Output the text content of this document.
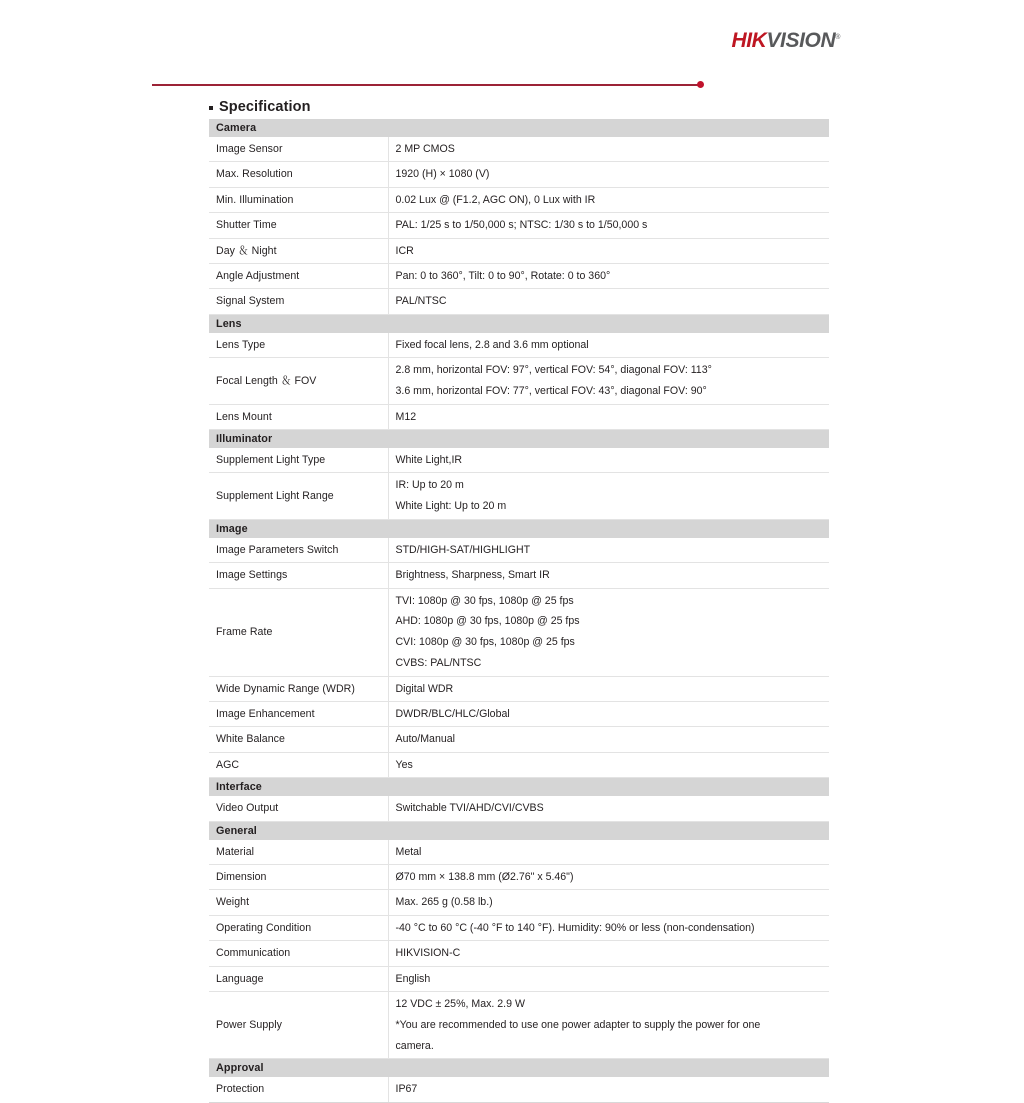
HIKVISION®
Specification
Camera	
Image Sensor	2 MP CMOS

Max. Resolution	1920 (H) × 1080 (V)

Min. Illumination	0.02 Lux @ (F1.2, AGC ON), 0 Lux with IR

Shutter Time	PAL: 1/25 s to 1/50,000 s; NTSC: 1/30 s to 1/50,000 s

Day ＆ Night	ICR

Angle Adjustment	Pan: 0 to 360°, Tilt: 0 to 90°, Rotate: 0 to 360°

Signal System	PAL/NTSC

Lens	
Lens Type	Fixed focal lens, 2.8 and 3.6 mm optional

Focal Length ＆ FOV	2.8 mm, horizontal FOV: 97°, vertical FOV: 54°, diagonal FOV: 113°
3.6 mm, horizontal FOV: 77°, vertical FOV: 43°, diagonal FOV: 90°

Lens Mount	M12

Illuminator	
Supplement Light Type	White Light,IR

Supplement Light Range	IR: Up to 20 m
White Light: Up to 20 m

Image	
Image Parameters Switch	STD/HIGH-SAT/HIGHLIGHT

Image Settings	Brightness, Sharpness, Smart IR

Frame Rate	TVI: 1080p @ 30 fps, 1080p @ 25 fps
AHD: 1080p @ 30 fps, 1080p @ 25 fps
CVI: 1080p @ 30 fps, 1080p @ 25 fps
CVBS: PAL/NTSC

Wide Dynamic Range (WDR)	Digital WDR

Image Enhancement	DWDR/BLC/HLC/Global

White Balance	Auto/Manual

AGC	Yes

Interface	
Video Output	Switchable TVI/AHD/CVI/CVBS

General	
Material	Metal

Dimension	Ø70 mm × 138.8 mm (Ø2.76" x 5.46")

Weight	Max. 265 g (0.58 lb.)

Operating Condition	-40 °C to 60 °C (-40 °F to 140 °F). Humidity: 90% or less (non-condensation)

Communication	HIKVISION-C

Language	English

Power Supply	12 VDC ± 25%, Max. 2.9 W
*You are recommended to use one power adapter to supply the power for one
camera.

Approval	
Protection	IP67
